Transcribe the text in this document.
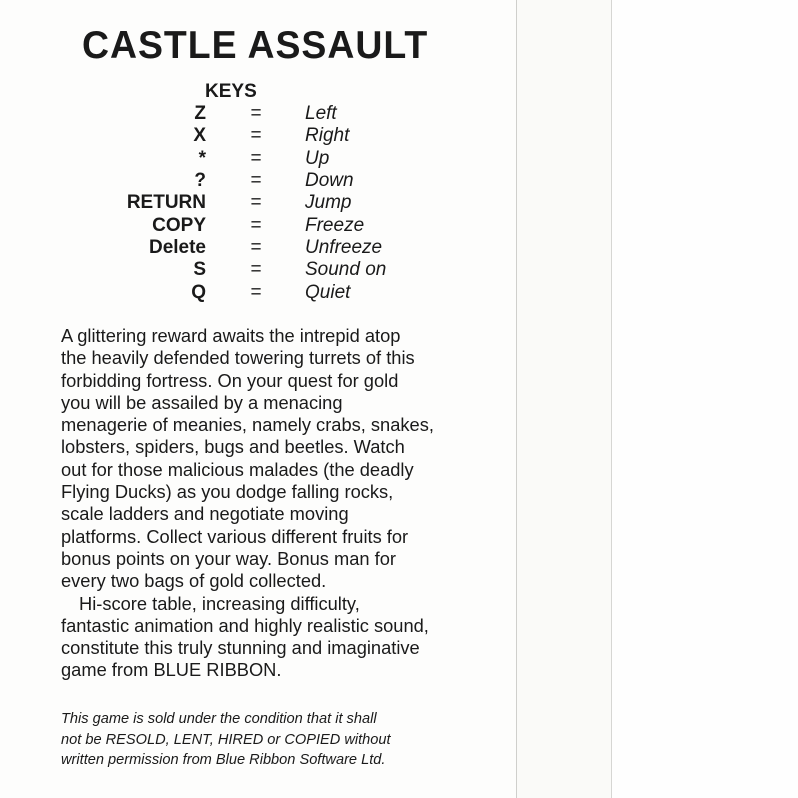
CASTLE ASSAULT
KEYS
Z	=	Left
X	=	Right
*	=	Up
?	=	Down
RETURN	=	Jump
COPY	=	Freeze
Delete	=	Unfreeze
S	=	Sound on
Q	=	Quiet

A glittering reward awaits the intrepid atop
the heavily defended towering turrets of this
forbidding fortress. On your quest for gold
you will be assailed by a menacing
menagerie of meanies, namely crabs, snakes,
lobsters, spiders, bugs and beetles. Watch
out for those malicious malades (the deadly
Flying Ducks) as you dodge falling rocks,
scale ladders and negotiate moving
platforms. Collect various different fruits for
bonus points on your way. Bonus man for
every two bags of gold collected.
Hi-score table, increasing difficulty,
fantastic animation and highly realistic sound,
constitute this truly stunning and imaginative
game from BLUE RIBBON.

This game is sold under the condition that it shall
not be RESOLD, LENT, HIRED or COPIED without
written permission from Blue Ribbon Software Ltd.
